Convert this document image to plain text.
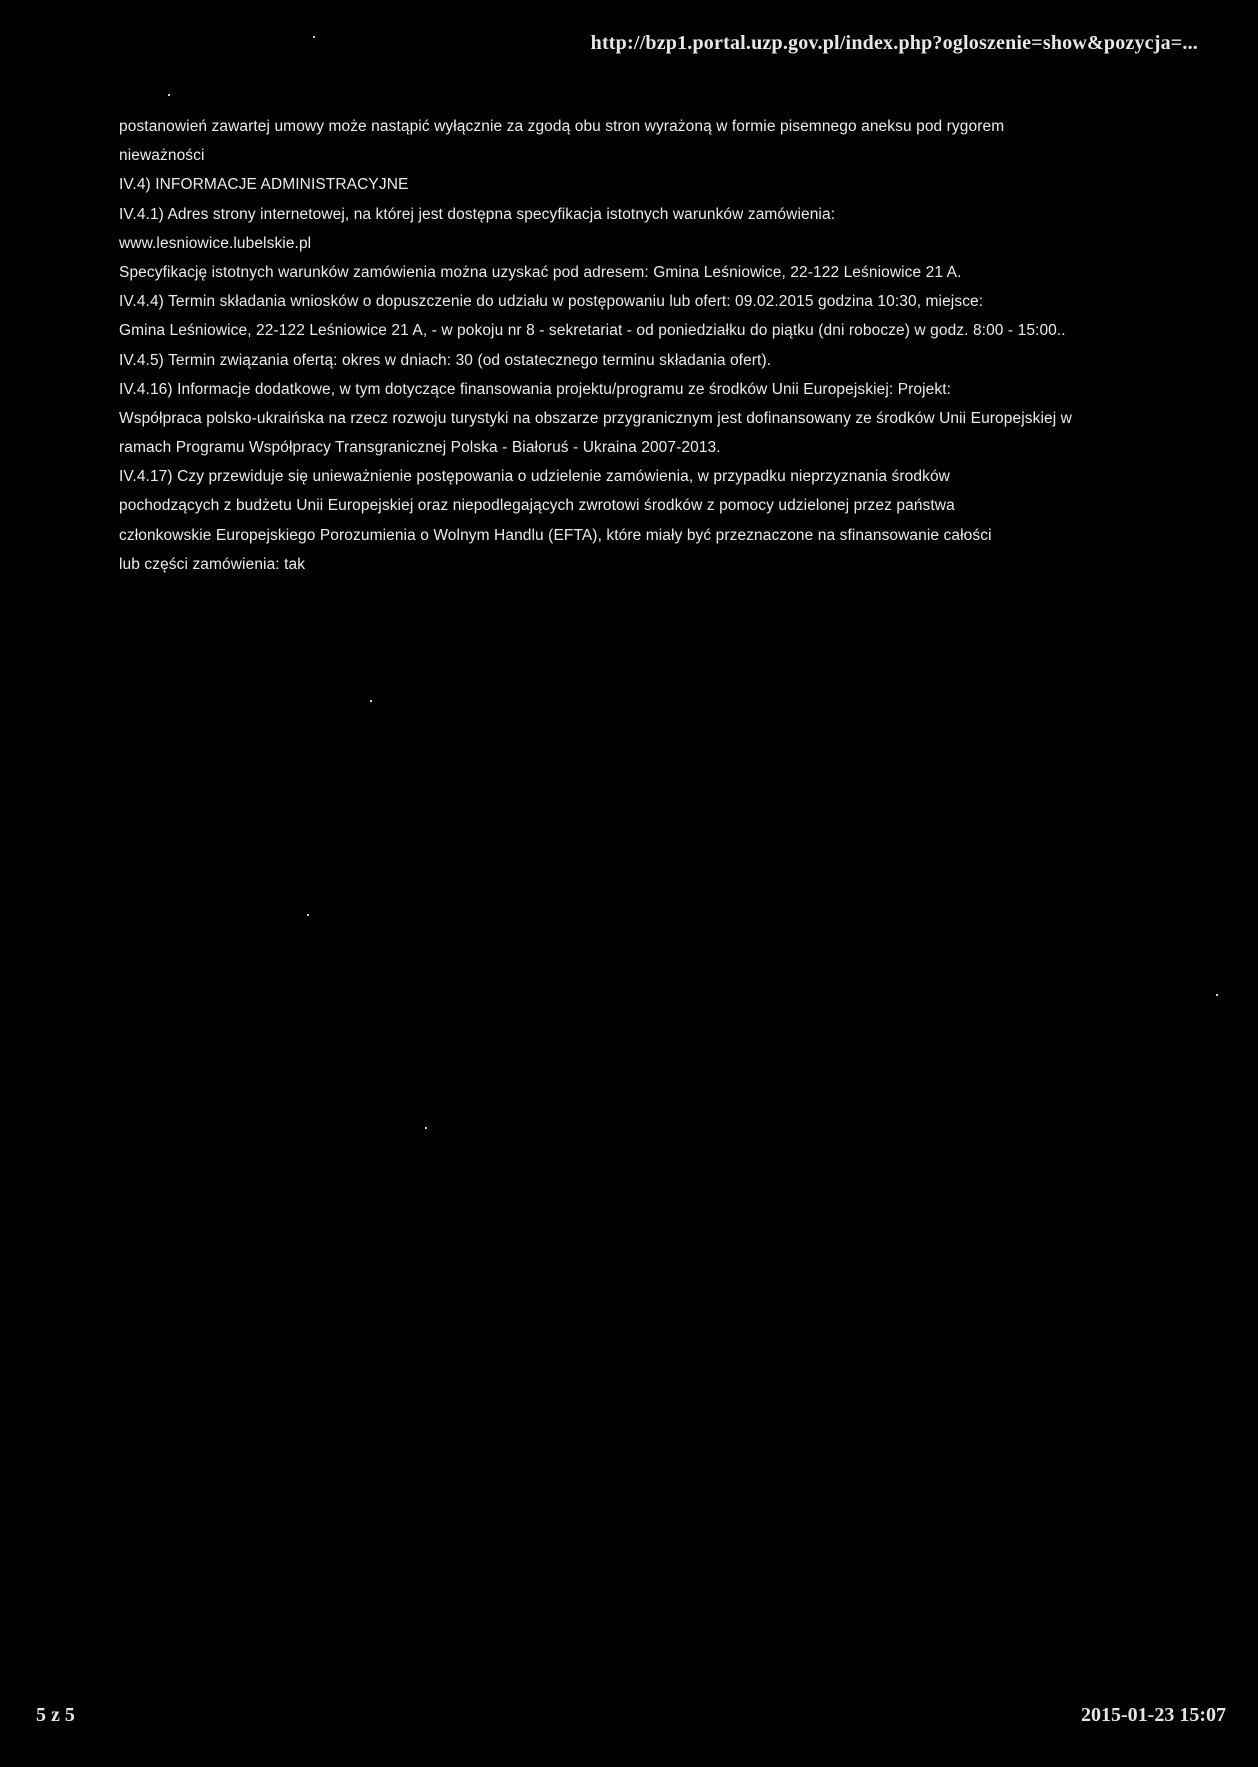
http://bzp1.portal.uzp.gov.pl/index.php?ogloszenie=show&pozycja=...
postanowień zawartej umowy może nastąpić wyłącznie za zgodą obu stron wyrażoną w formie pisemnego aneksu pod rygorem
nieważności
IV.4) INFORMACJE ADMINISTRACYJNE
IV.4.1) Adres strony internetowej, na której jest dostępna specyfikacja istotnych warunków zamówienia:
www.lesniowice.lubelskie.pl
Specyfikację istotnych warunków zamówienia można uzyskać pod adresem: Gmina Leśniowice, 22-122 Leśniowice 21 A.
IV.4.4) Termin składania wniosków o dopuszczenie do udziału w postępowaniu lub ofert: 09.02.2015 godzina 10:30, miejsce:
Gmina Leśniowice, 22-122 Leśniowice 21 A, - w pokoju nr 8 - sekretariat - od poniedziałku do piątku (dni robocze) w godz. 8:00 - 15:00..
IV.4.5) Termin związania ofertą: okres w dniach: 30 (od ostatecznego terminu składania ofert).
IV.4.16) Informacje dodatkowe, w tym dotyczące finansowania projektu/programu ze środków Unii Europejskiej: Projekt:
Współpraca polsko-ukraińska na rzecz rozwoju turystyki na obszarze przygranicznym jest dofinansowany ze środków Unii Europejskiej w
ramach Programu Współpracy Transgranicznej Polska - Białoruś - Ukraina 2007-2013.
IV.4.17) Czy przewiduje się unieważnienie postępowania o udzielenie zamówienia, w przypadku nieprzyznania środków
pochodzących z budżetu Unii Europejskiej oraz niepodlegających zwrotowi środków z pomocy udzielonej przez państwa
członkowskie Europejskiego Porozumienia o Wolnym Handlu (EFTA), które miały być przeznaczone na sfinansowanie całości
lub części zamówienia: tak
5 z 5	2015-01-23 15:07
